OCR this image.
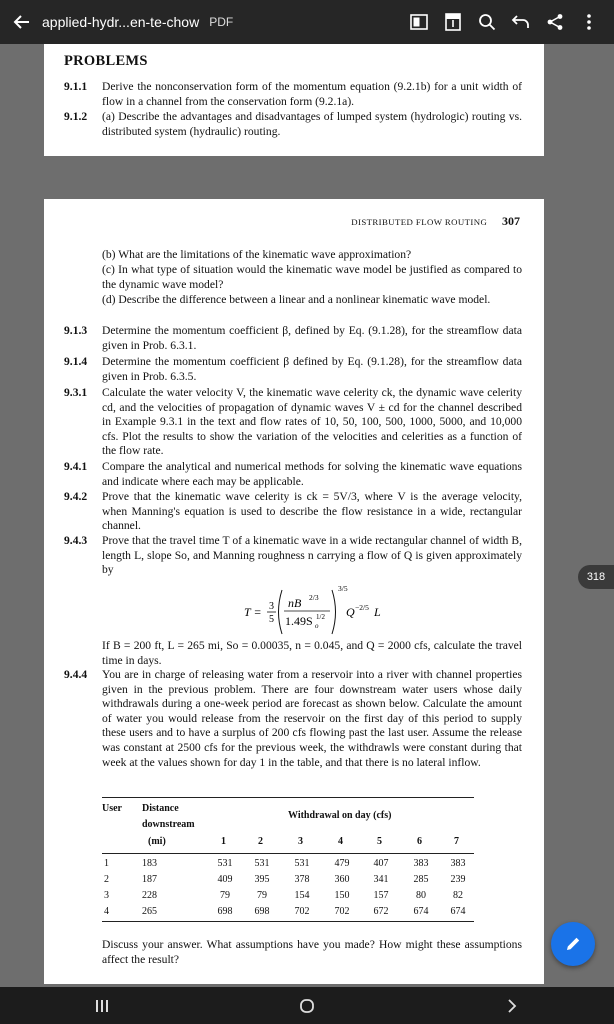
applied-hydr...en-te-chow PDF
PROBLEMS
9.1.1 Derive the nonconservation form of the momentum equation (9.2.1b) for a unit width of flow in a channel from the conservation form (9.2.1a).
9.1.2 (a) Describe the advantages and disadvantages of lumped system (hydrologic) routing vs. distributed system (hydraulic) routing.
DISTRIBUTED FLOW ROUTING 307
(b) What are the limitations of the kinematic wave approximation?
(c) In what type of situation would the kinematic wave model be justified as compared to the dynamic wave model?
(d) Describe the difference between a linear and a nonlinear kinematic wave model.
9.1.3 Determine the momentum coefficient β, defined by Eq. (9.1.28), for the streamflow data given in Prob. 6.3.1.
9.1.4 Determine the momentum coefficient β defined by Eq. (9.1.28), for the streamflow data given in Prob. 6.3.5.
9.3.1 Calculate the water velocity V, the kinematic wave celerity ck, the dynamic wave celerity cd, and the velocities of propagation of dynamic waves V ± cd for the channel described in Example 9.3.1 in the text and flow rates of 10, 50, 100, 500, 1000, 5000, and 10,000 cfs. Plot the results to show the variation of the velocities and celerities as a function of the flow rate.
9.4.1 Compare the analytical and numerical methods for solving the kinematic wave equations and indicate where each may be applicable.
9.4.2 Prove that the kinematic wave celerity is ck = 5V/3, where V is the average velocity, when Manning's equation is used to describe the flow resistance in a wide, rectangular channel.
9.4.3 Prove that the travel time T of a kinematic wave in a wide rectangular channel of width B, length L, slope So, and Manning roughness n carrying a flow of Q is given approximately by
T = 3
5
nB 2/3
1.49S o
1/2
3/5
Q −2/5 L
If B = 200 ft, L = 265 mi, So = 0.00035, n = 0.045, and Q = 2000 cfs, calculate the travel time in days.
9.4.4 You are in charge of releasing water from a reservoir into a river with channel properties given in the previous problem. There are four downstream water users whose daily withdrawals during a one-week period are forecast as shown below. Calculate the amount of water you would release from the reservoir on the first day of this period to supply these users and to have a surplus of 200 cfs flowing past the last user. Assume the release was constant at 2500 cfs for the previous week, the withdrawls were constant during that week at the values shown for day 1 in the table, and that there is no lateral inflow.
User Distance
downstream
(mi)
Withdrawal on day (cfs)
1	2	3	4	5	6	7
1	183	531	531	531	479	407	383	383
2	187	409	395	378	360	341	285	239
3	228	79	79	154	150	157	80	82
4	265	698	698	702	702	672	674	674
Discuss your answer. What assumptions have you made? How might these assumptions affect the result?
318
